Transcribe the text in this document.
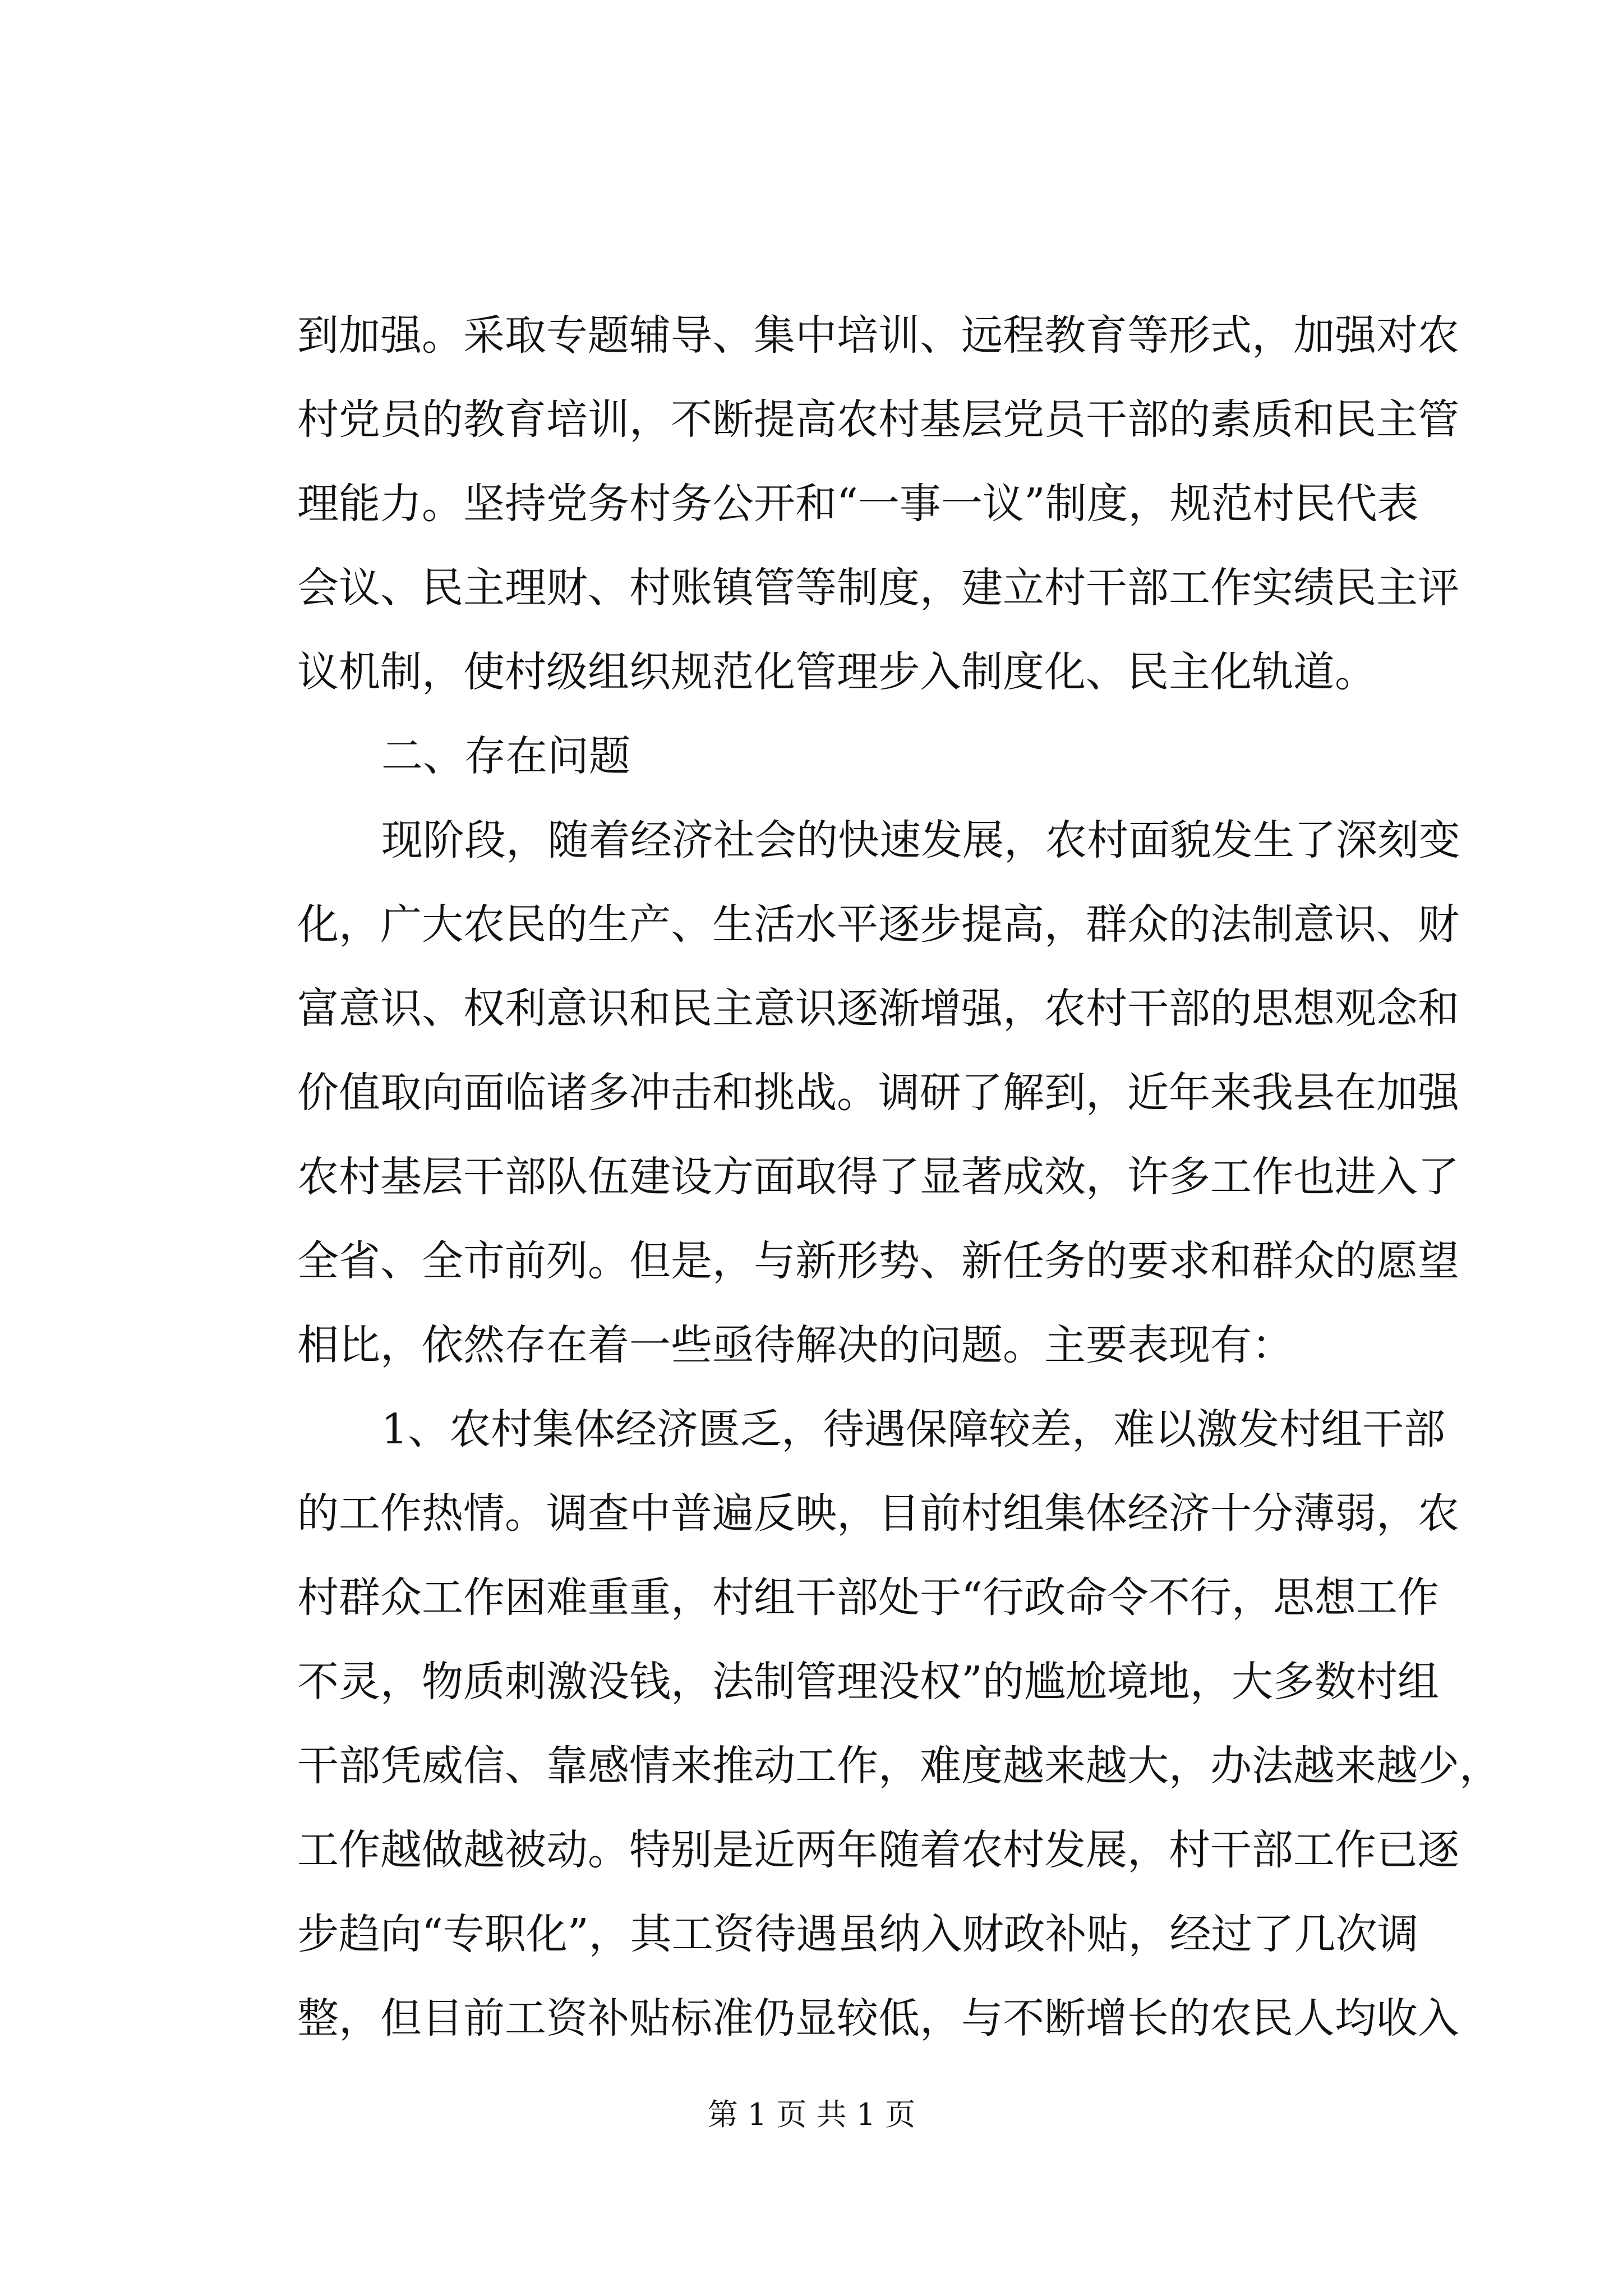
到加强。采取专题辅导、集中培训、远程教育等形式，加强对农
村党员的教育培训，不断提高农村基层党员干部的素质和民主管
理能力。坚持党务村务公开和“一事一议”制度，规范村民代表
会议、民主理财、村账镇管等制度，建立村干部工作实绩民主评
议机制，使村级组织规范化管理步入制度化、民主化轨道。
二、存在问题
现阶段，随着经济社会的快速发展，农村面貌发生了深刻变
化，广大农民的生产、生活水平逐步提高，群众的法制意识、财
富意识、权利意识和民主意识逐渐增强，农村干部的思想观念和
价值取向面临诸多冲击和挑战。调研了解到，近年来我县在加强
农村基层干部队伍建设方面取得了显著成效，许多工作也进入了
全省、全市前列。但是，与新形势、新任务的要求和群众的愿望
相比，依然存在着一些亟待解决的问题。主要表现有：
1、农村集体经济匮乏，待遇保障较差，难以激发村组干部
的工作热情。调查中普遍反映，目前村组集体经济十分薄弱，农
村群众工作困难重重，村组干部处于“行政命令不行，思想工作
不灵，物质刺激没钱，法制管理没权”的尴尬境地，大多数村组
干部凭威信、靠感情来推动工作，难度越来越大，办法越来越少，
工作越做越被动。特别是近两年随着农村发展，村干部工作已逐
步趋向“专职化”，其工资待遇虽纳入财政补贴，经过了几次调
整，但目前工资补贴标准仍显较低，与不断增长的农民人均收入
第 1 页 共 1 页
